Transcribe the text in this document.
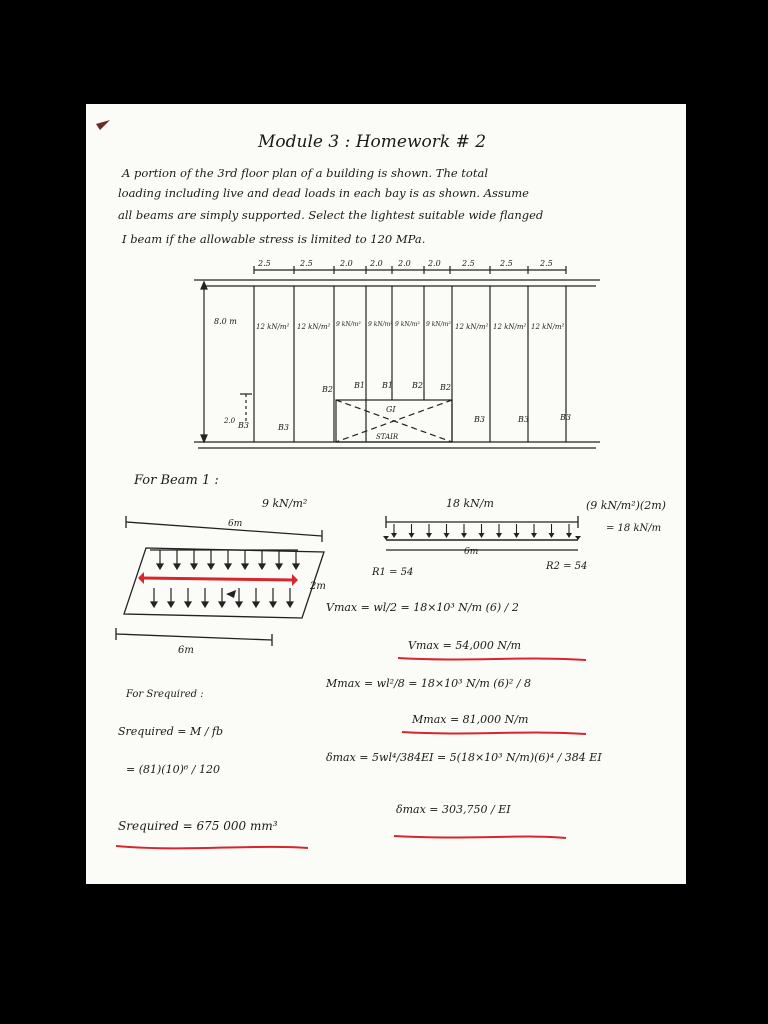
Module 3 : Homework # 2
A portion of the 3rd floor plan of a building is shown. The total
loading including live and dead loads in each bay is as shown. Assume
all beams are simply supported. Select the lightest suitable wide flanged
I beam if the allowable stress is limited to 120 MPa.
2.5	2.5	2.0 2.0 2.0 2.0	2.5	2.5	2.5
8.0 m
12 kN/m² 12 kN/m² 9 kN/m² 9 kN/m² 9 kN/m² 9 kN/m² 12 kN/m² 12 kN/m² 12 kN/m²
2.0
B1 B1
B2	B2 B2
B3	B3
B3	B3	B3
GI
STAIR
For Beam 1 :
9 kN/m²
6m
2m
6m
18 kN/m
6m
R1 = 54
R2 = 54
(9 kN/m²)(2m)
= 18 kN/m
Vmax = wl/2 = 18×10³ N/m (6) / 2
Vmax = 54,000 N/m
Mmax = wl²/8 = 18×10³ N/m (6)² / 8
Mmax = 81,000 N/m
δmax = 5wl⁴/384EI = 5(18×10³ N/m)(6)⁴ / 384 EI
δmax = 303,750 / EI
For Srequired :
Srequired = M / fb
= (81)(10)⁶ / 120
Srequired = 675 000 mm³
